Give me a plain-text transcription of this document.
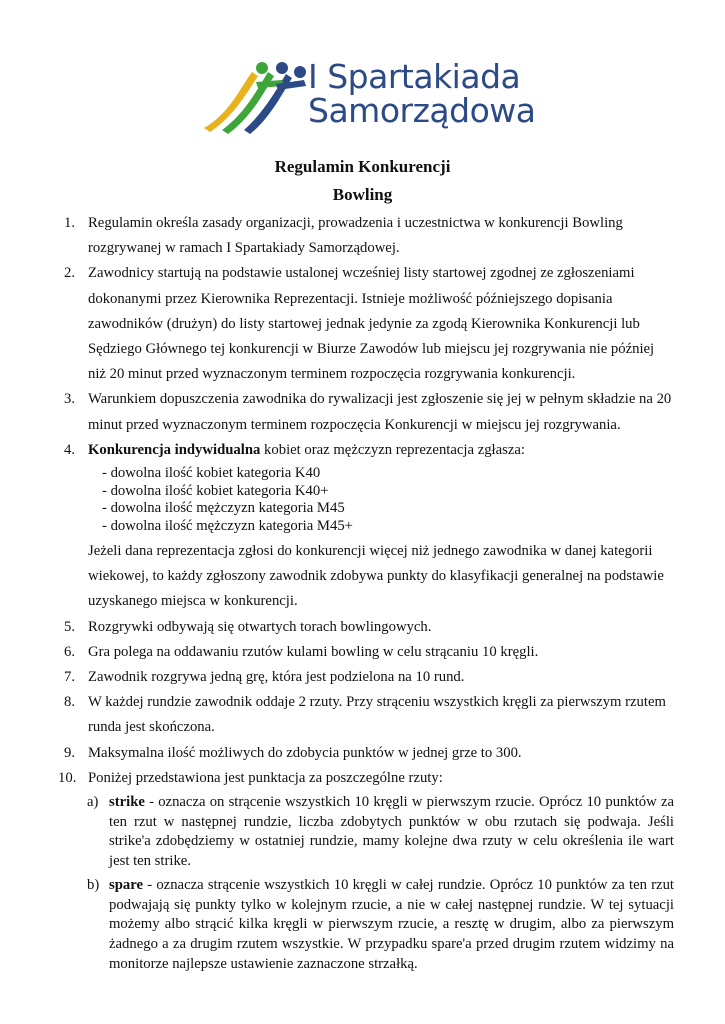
I Spartakiada
Samorządowa
Regulamin Konkurencji
Bowling
1. Regulamin określa zasady organizacji, prowadzenia i uczestnictwa w konkurencji Bowling rozgrywanej w ramach I Spartakiady Samorządowej.
2. Zawodnicy startują na podstawie ustalonej wcześniej listy startowej zgodnej ze zgłoszeniami dokonanymi przez Kierownika Reprezentacji. Istnieje możliwość późniejszego dopisania zawodników (drużyn) do listy startowej jednak jedynie za zgodą Kierownika Konkurencji lub Sędziego Głównego tej konkurencji w Biurze Zawodów lub miejscu jej rozgrywania nie później niż 20 minut przed wyznaczonym terminem rozpoczęcia rozgrywania konkurencji.
3. Warunkiem dopuszczenia zawodnika do rywalizacji jest zgłoszenie się jej w pełnym składzie na 20 minut przed wyznaczonym terminem rozpoczęcia Konkurencji w miejscu jej rozgrywania.
4. Konkurencja indywidualna kobiet oraz mężczyzn reprezentacja zgłasza:
- dowolna ilość kobiet kategoria K40
- dowolna ilość kobiet kategoria K40+
- dowolna ilość mężczyzn kategoria M45
- dowolna ilość mężczyzn kategoria M45+
Jeżeli dana reprezentacja zgłosi do konkurencji więcej niż jednego zawodnika w danej kategorii wiekowej, to każdy zgłoszony zawodnik zdobywa punkty do klasyfikacji generalnej na podstawie uzyskanego miejsca w konkurencji.
5. Rozgrywki odbywają się otwartych torach bowlingowych.
6. Gra polega na oddawaniu rzutów kulami bowling w celu strącaniu 10 kręgli.
7. Zawodnik rozgrywa jedną grę, która jest podzielona na 10 rund.
8. W każdej rundzie zawodnik oddaje 2 rzuty. Przy strąceniu wszystkich kręgli za pierwszym rzutem runda jest skończona.
9. Maksymalna ilość możliwych do zdobycia punktów w jednej grze to 300.
10. Poniżej przedstawiona jest punktacja za poszczególne rzuty:
a) strike - oznacza on strącenie wszystkich 10 kręgli w pierwszym rzucie. Oprócz 10 punktów za ten rzut w następnej rundzie, liczba zdobytych punktów w obu rzutach się podwaja. Jeśli strike'a zdobędziemy w ostatniej rundzie, mamy kolejne dwa rzuty w celu określenia ile wart jest ten strike.
b) spare - oznacza strącenie wszystkich 10 kręgli w całej rundzie. Oprócz 10 punktów za ten rzut podwajają się punkty tylko w kolejnym rzucie, a nie w całej następnej rundzie. W tej sytuacji możemy albo strącić kilka kręgli w pierwszym rzucie, a resztę w drugim, albo za pierwszym żadnego a za drugim rzutem wszystkie. W przypadku spare'a przed drugim rzutem widzimy na monitorze najlepsze ustawienie zaznaczone strzałką.
